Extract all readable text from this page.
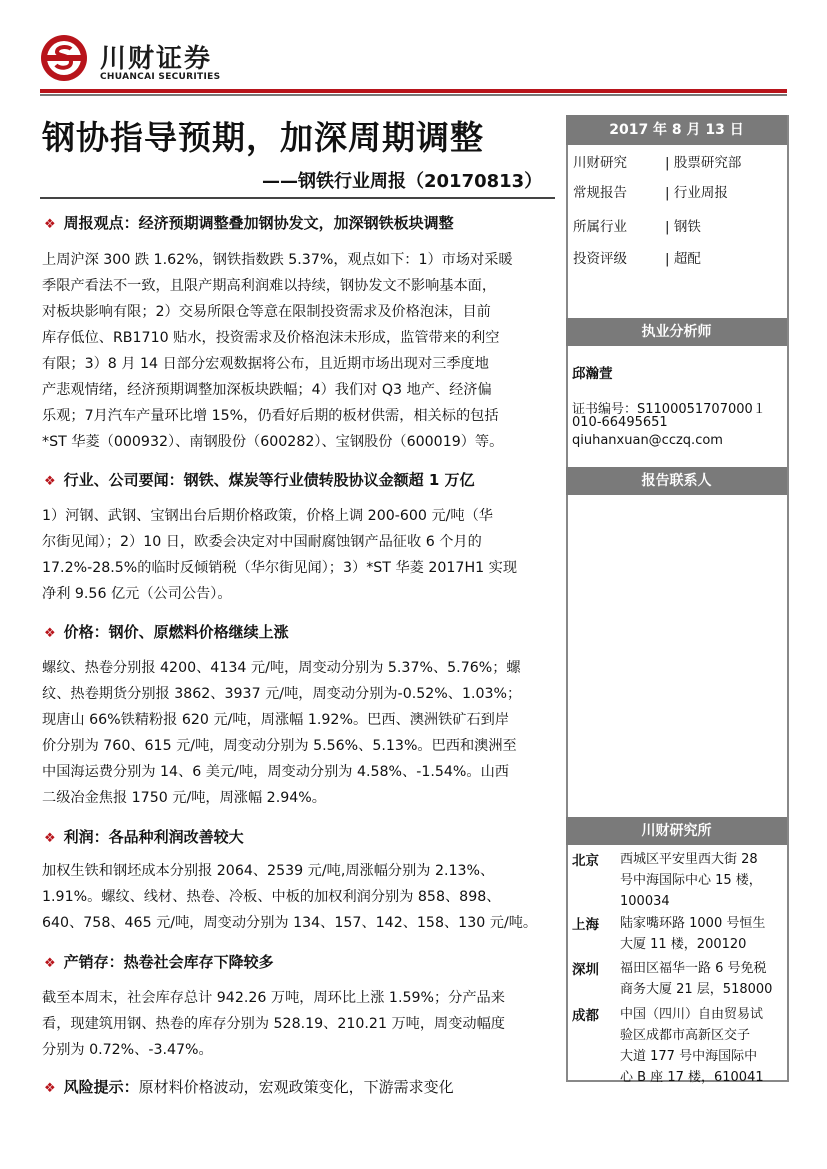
川财证券
CHUANCAI SECURITIES
钢协指导预期，加深周期调整
——钢铁行业周报（20170813）
❖ 周报观点：经济预期调整叠加钢协发文，加深钢铁板块调整
上周沪深 300 跌 1.62%，钢铁指数跌 5.37%，观点如下：1）市场对采暖
季限产看法不一致，且限产期高利润难以持续，钢协发文不影响基本面，
对板块影响有限；2）交易所限仓等意在限制投资需求及价格泡沫，目前
库存低位、RB1710 贴水，投资需求及价格泡沫未形成，监管带来的利空
有限；3）8 月 14 日部分宏观数据将公布，且近期市场出现对三季度地
产悲观情绪，经济预期调整加深板块跌幅；4）我们对 Q3 地产、经济偏
乐观；7月汽车产量环比增 15%，仍看好后期的板材供需，相关标的包括
*ST 华菱（000932）、南钢股份（600282）、宝钢股份（600019）等。
❖ 行业、公司要闻：钢铁、煤炭等行业债转股协议金额超 1 万亿
1）河钢、武钢、宝钢出台后期价格政策，价格上调 200-600 元/吨（华
尔街见闻）；2）10 日，欧委会决定对中国耐腐蚀钢产品征收 6 个月的
17.2%-28.5%的临时反倾销税（华尔街见闻）；3）*ST 华菱 2017H1 实现
净利 9.56 亿元（公司公告）。
❖ 价格：钢价、原燃料价格继续上涨
螺纹、热卷分别报 4200、4134 元/吨，周变动分别为 5.37%、5.76%；螺
纹、热卷期货分别报 3862、3937 元/吨，周变动分别为-0.52%、1.03%；
现唐山 66%铁精粉报 620 元/吨，周涨幅 1.92%。巴西、澳洲铁矿石到岸
价分别为 760、615 元/吨，周变动分别为 5.56%、5.13%。巴西和澳洲至
中国海运费分别为 14、6 美元/吨，周变动分别为 4.58%、-1.54%。山西
二级冶金焦报 1750 元/吨，周涨幅 2.94%。
❖ 利润：各品种利润改善较大
加权生铁和钢坯成本分别报 2064、2539 元/吨,周涨幅分别为 2.13%、
1.91%。螺纹、线材、热卷、冷板、中板的加权利润分别为 858、898、
640、758、465 元/吨，周变动分别为 134、157、142、158、130 元/吨。
❖ 产销存：热卷社会库存下降较多
截至本周末，社会库存总计 942.26 万吨，周环比上涨 1.59%；分产品来
看，现建筑用钢、热卷的库存分别为 528.19、210.21 万吨，周变动幅度
分别为 0.72%、-3.47%。
❖ 风险提示：原材料价格波动，宏观政策变化，下游需求变化
2017 年 8 月 13 日
川财研究	| 股票研究部
常规报告	| 行业周报
所属行业	| 钢铁
投资评级	| 超配
执业分析师
邱瀚萱
证书编号：S1100051707000１
010-66495651
qiuhanxuan@cczq.com
报告联系人
川财研究所
北京 西城区平安里西大街 28
号中海国际中心 15 楼，
100034
上海 陆家嘴环路 1000 号恒生
大厦 11 楼，200120
深圳 福田区福华一路 6 号免税
商务大厦 21 层，518000
成都 中国（四川）自由贸易试
验区成都市高新区交子
大道 177 号中海国际中
心 B 座 17 楼，610041
